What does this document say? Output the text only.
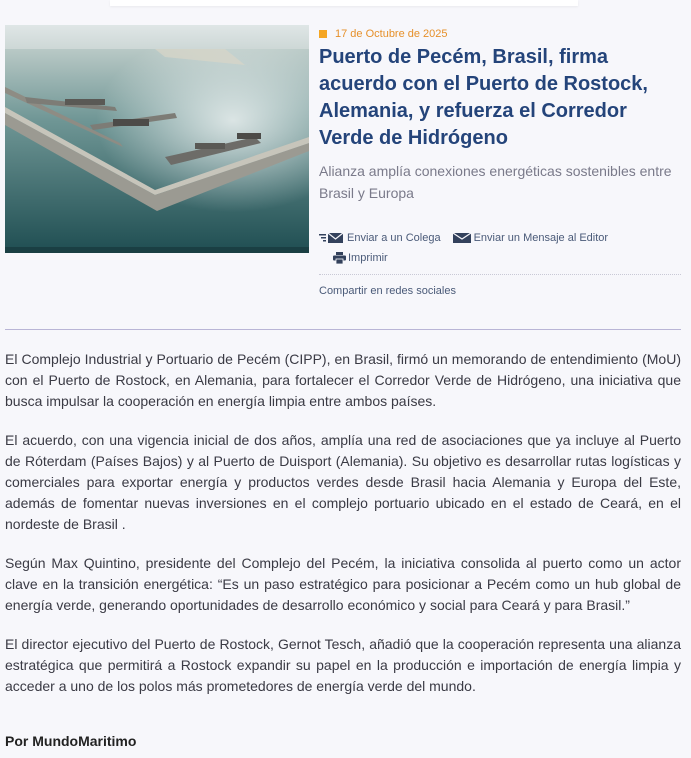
17 de Octubre de 2025
Puerto de Pecém, Brasil, firma acuerdo con el Puerto de Rostock, Alemania, y refuerza el Corredor Verde de Hidrógeno

Alianza amplía conexiones energéticas sostenibles entre Brasil y Europa

Enviar a un Colega	Enviar un Mensaje al Editor
Imprimir
Compartir en redes sociales

El Complejo Industrial y Portuario de Pecém (CIPP), en Brasil, firmó un memorando de entendimiento (MoU) con el Puerto de Rostock, en Alemania, para fortalecer el Corredor Verde de Hidrógeno, una iniciativa que busca impulsar la cooperación en energía limpia entre ambos países.

El acuerdo, con una vigencia inicial de dos años, amplía una red de asociaciones que ya incluye al Puerto de Róterdam (Países Bajos) y al Puerto de Duisport (Alemania). Su objetivo es desarrollar rutas logísticas y comerciales para exportar energía y productos verdes desde Brasil hacia Alemania y Europa del Este, además de fomentar nuevas inversiones en el complejo portuario ubicado en el estado de Ceará, en el nordeste de Brasil .

Según Max Quintino, presidente del Complejo del Pecém, la iniciativa consolida al puerto como un actor clave en la transición energética: “Es un paso estratégico para posicionar a Pecém como un hub global de energía verde, generando oportunidades de desarrollo económico y social para Ceará y para Brasil.”

El director ejecutivo del Puerto de Rostock, Gernot Tesch, añadió que la cooperación representa una alianza estratégica que permitirá a Rostock expandir su papel en la producción e importación de energía limpia y acceder a uno de los polos más prometedores de energía verde del mundo.

Por MundoMaritimo
